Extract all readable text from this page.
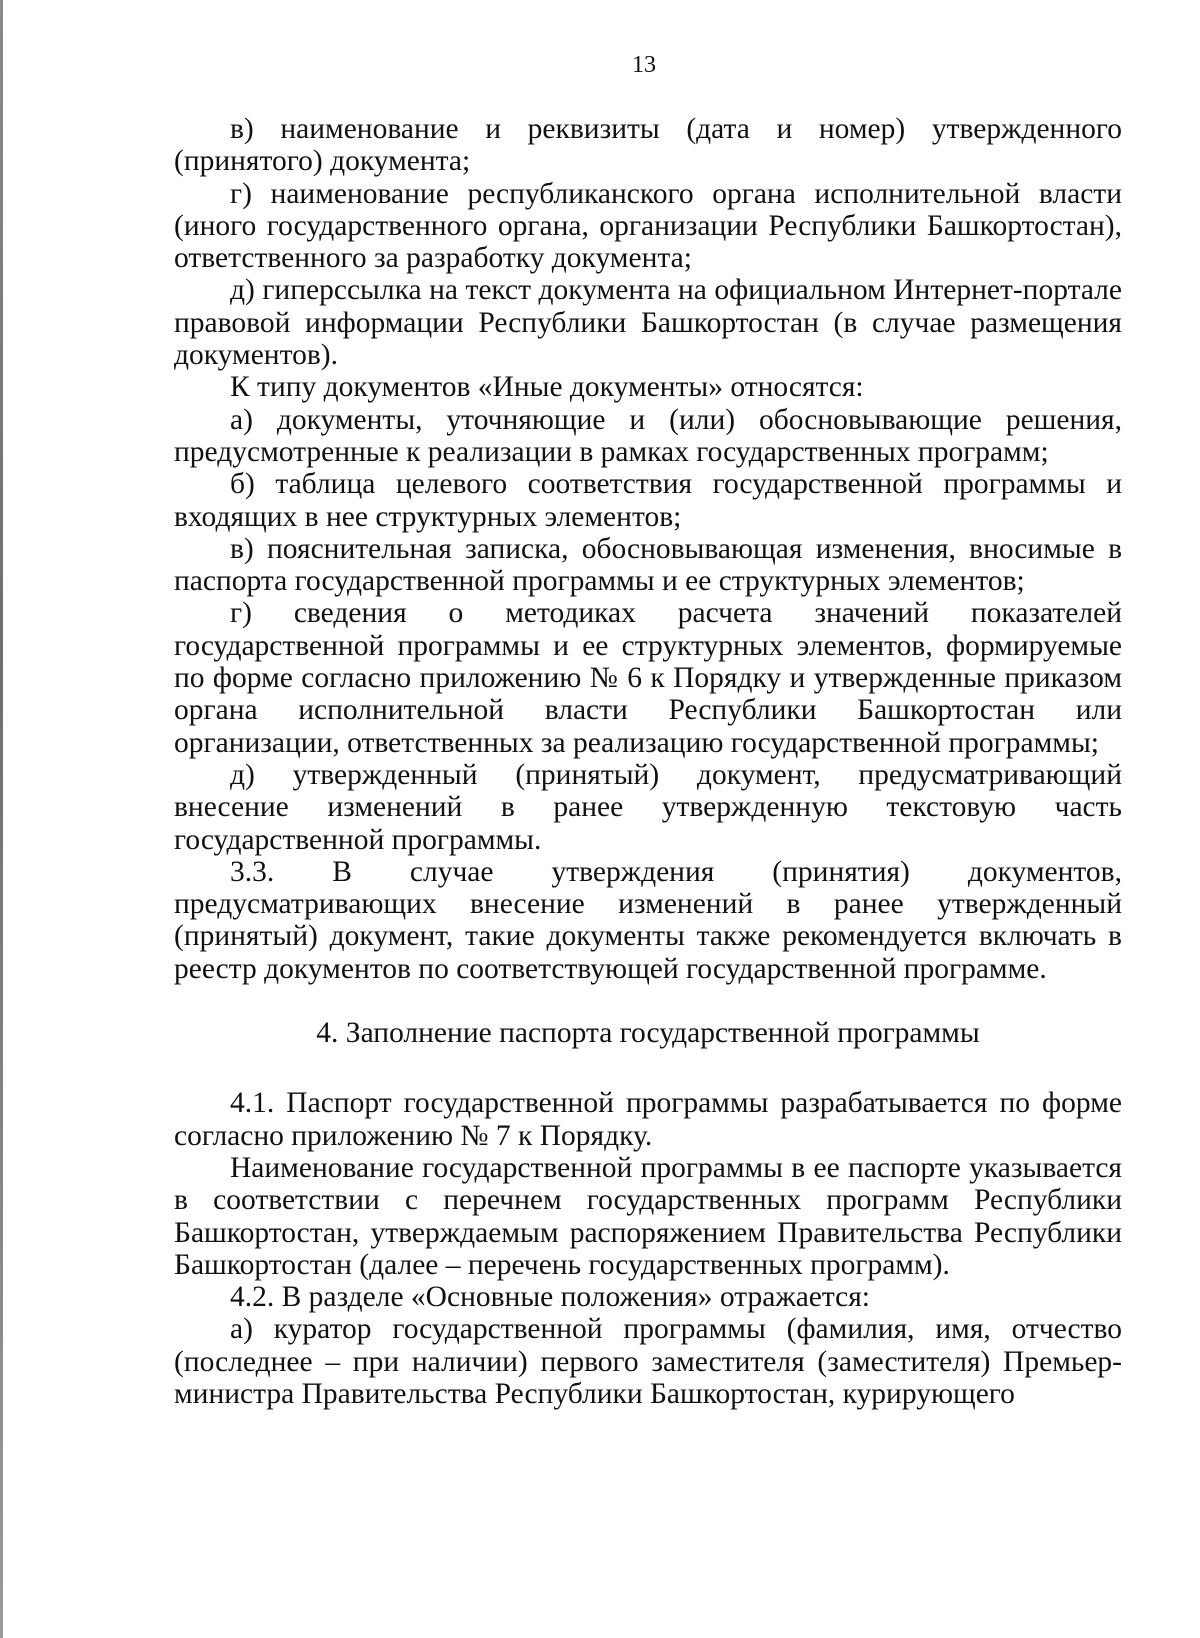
13

в) наименование и реквизиты (дата и номер) утвержденного (принятого) документа;

г) наименование республиканского органа исполнительной власти (иного государственного органа, организации Республики Башкортостан), ответственного за разработку документа;

д) гиперссылка на текст документа на официальном Интернет-портале правовой информации Республики Башкортостан (в случае размещения документов).

К типу документов «Иные документы» относятся:

а) документы, уточняющие и (или) обосновывающие решения, предусмотренные к реализации в рамках государственных программ;

б) таблица целевого соответствия государственной программы и входящих в нее структурных элементов;

в) пояснительная записка, обосновывающая изменения, вносимые в паспорта государственной программы и ее структурных элементов;

г) сведения о методиках расчета значений показателей государственной программы и ее структурных элементов, формируемые по форме согласно приложению № 6 к Порядку и утвержденные приказом органа исполнительной власти Республики Башкортостан или организации, ответственных за реализацию государственной программы;

д) утвержденный (принятый) документ, предусматривающий внесение изменений в ранее утвержденную текстовую часть государственной программы.

3.3. В случае утверждения (принятия) документов, предусматривающих внесение изменений в ранее утвержденный (принятый) документ, такие документы также рекомендуется включать в реестр документов по соответствующей государственной программе.

4. Заполнение паспорта государственной программы

4.1. Паспорт государственной программы разрабатывается по форме согласно приложению № 7 к Порядку.

Наименование государственной программы в ее паспорте указывается в соответствии с перечнем государственных программ Республики Башкортостан, утверждаемым распоряжением Правительства Республики Башкортостан (далее – перечень государственных программ).

4.2. В разделе «Основные положения» отражается:

а) куратор государственной программы (фамилия, имя, отчество (последнее – при наличии) первого заместителя (заместителя) Премьер-министра Правительства Республики Башкортостан, курирующего
